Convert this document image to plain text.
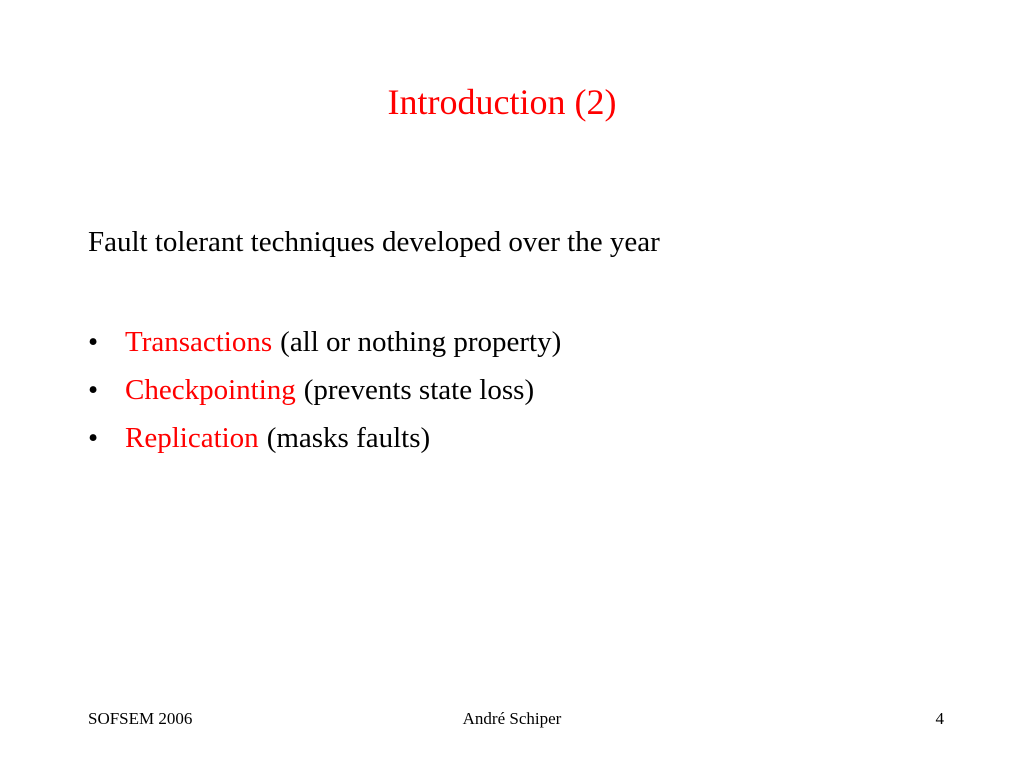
Introduction (2)

Fault tolerant techniques developed over the year

• Transactions (all or nothing property)
• Checkpointing (prevents state loss)
• Replication (masks faults)
SOFSEM 2006	André Schiper	4
